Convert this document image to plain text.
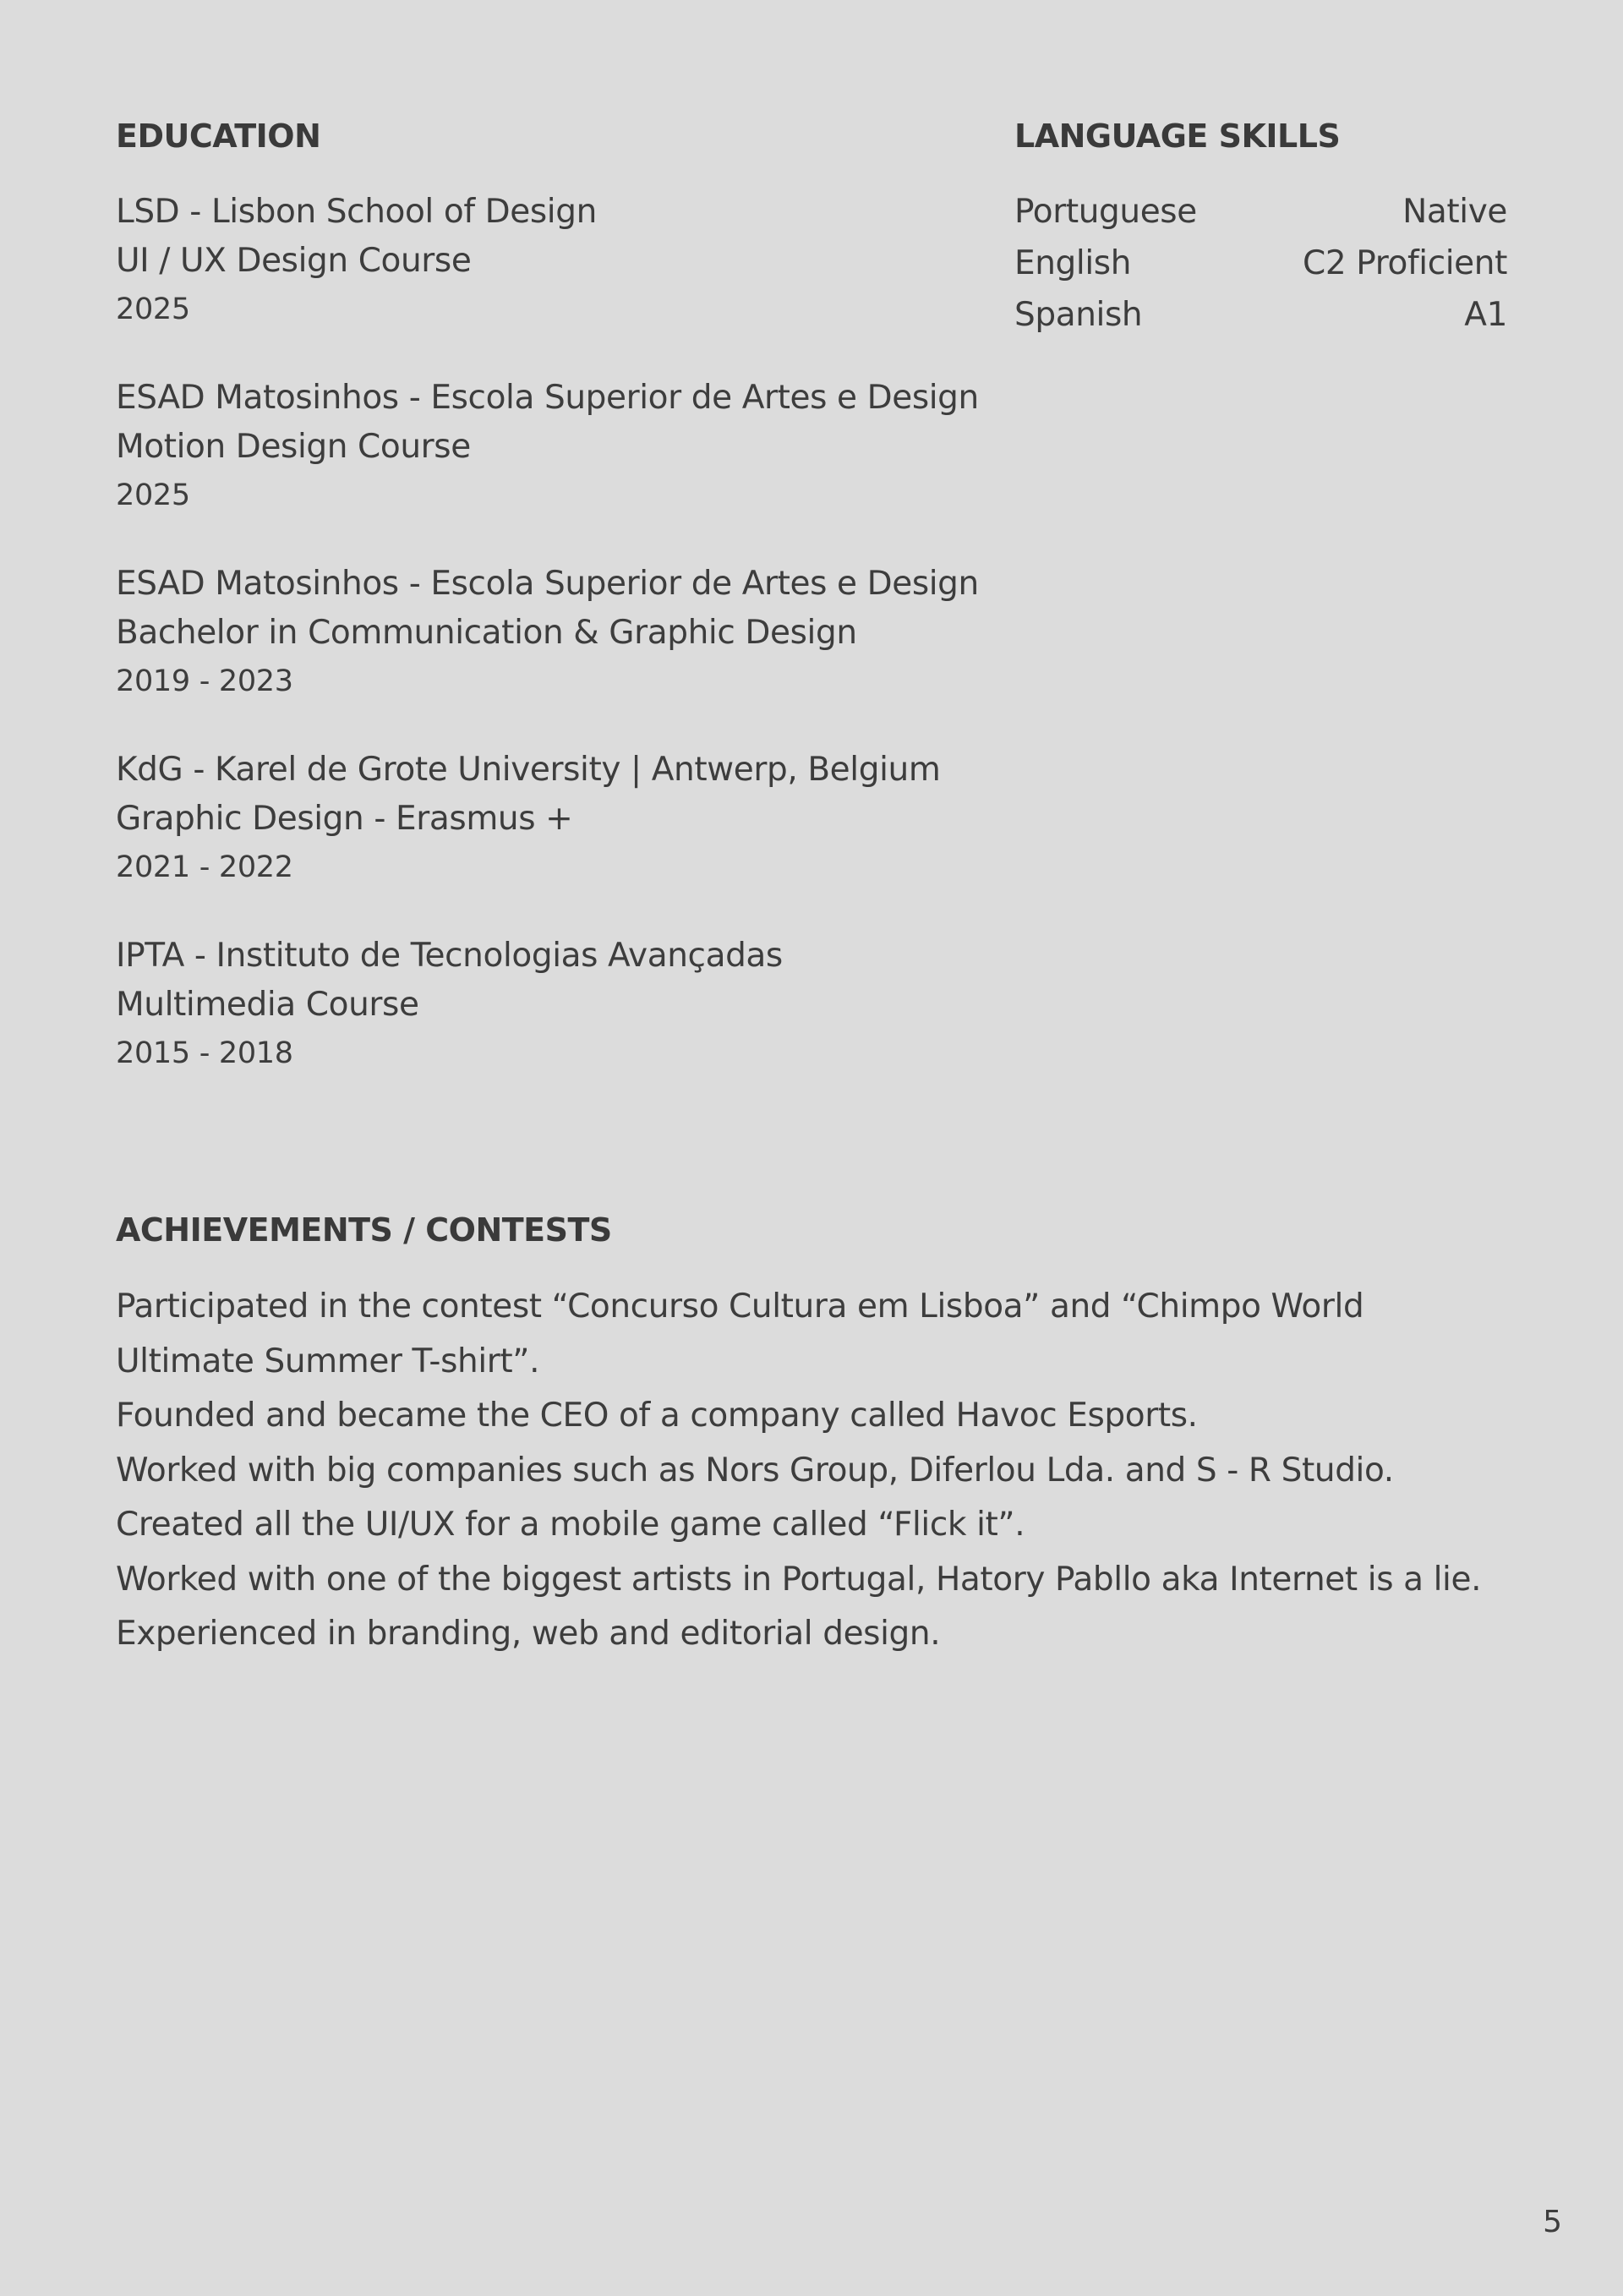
EDUCATION
LSD - Lisbon School of Design
UI / UX Design Course
2025
ESAD Matosinhos - Escola Superior de Artes e Design
Motion Design Course
2025
ESAD Matosinhos - Escola Superior de Artes e Design
Bachelor in Communication & Graphic Design
2019 - 2023
KdG - Karel de Grote University | Antwerp, Belgium
Graphic Design - Erasmus +
2021 - 2022
IPTA - Instituto de Tecnologias Avançadas
Multimedia Course
2015 - 2018
LANGUAGE SKILLS
Portuguese	Native
English	C2 Proficient
Spanish	A1
ACHIEVEMENTS / CONTESTS
Participated in the contest “Concurso Cultura em Lisboa” and “Chimpo World Ultimate Summer T-shirt”.
Founded and became the CEO of a company called Havoc Esports.
Worked with big companies such as Nors Group, Diferlou Lda. and S - R Studio.
Created all the UI/UX for a mobile game called “Flick it”.
Worked with one of the biggest artists in Portugal, Hatory Pabllo aka Internet is a lie.
Experienced in branding, web and editorial design.
5
